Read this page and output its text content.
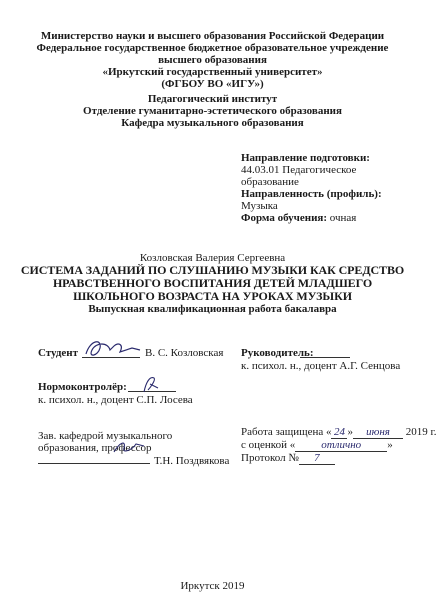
Министерство науки и высшего образования Российской Федерации
Федеральное государственное бюджетное образовательное учреждение
высшего образования
«Иркутский государственный университет»
(ФГБОУ ВО «ИГУ»)
Педагогический институт
Отделение гуманитарно-эстетического образования
Кафедра музыкального образования
Направление подготовки:
44.03.01 Педагогическое
образование
Направленность (профиль):
Музыка
Форма обучения: очная
Козловская Валерия Сергеевна
СИСТЕМА ЗАДАНИЙ ПО СЛУШАНИЮ МУЗЫКИ КАК СРЕДСТВО
НРАВСТВЕННОГО ВОСПИТАНИЯ ДЕТЕЙ МЛАДШЕГО
ШКОЛЬНОГО ВОЗРАСТА НА УРОКАХ МУЗЫКИ
Выпускная квалификационная работа бакалавра
Студент	В. С. Козловская Руководитель:
к. психол. н., доцент А.Г. Сенцова
Нормоконтролёр:
к. психол. н., доцент С.П. Лосева
Зав. кафедрой музыкального
образования, профессор
Т.Н. Поздвякова
Работа защищена « 24 » июня 2019 г.
с оценкой « отлично »
Протокол № 7
Иркутск 2019
